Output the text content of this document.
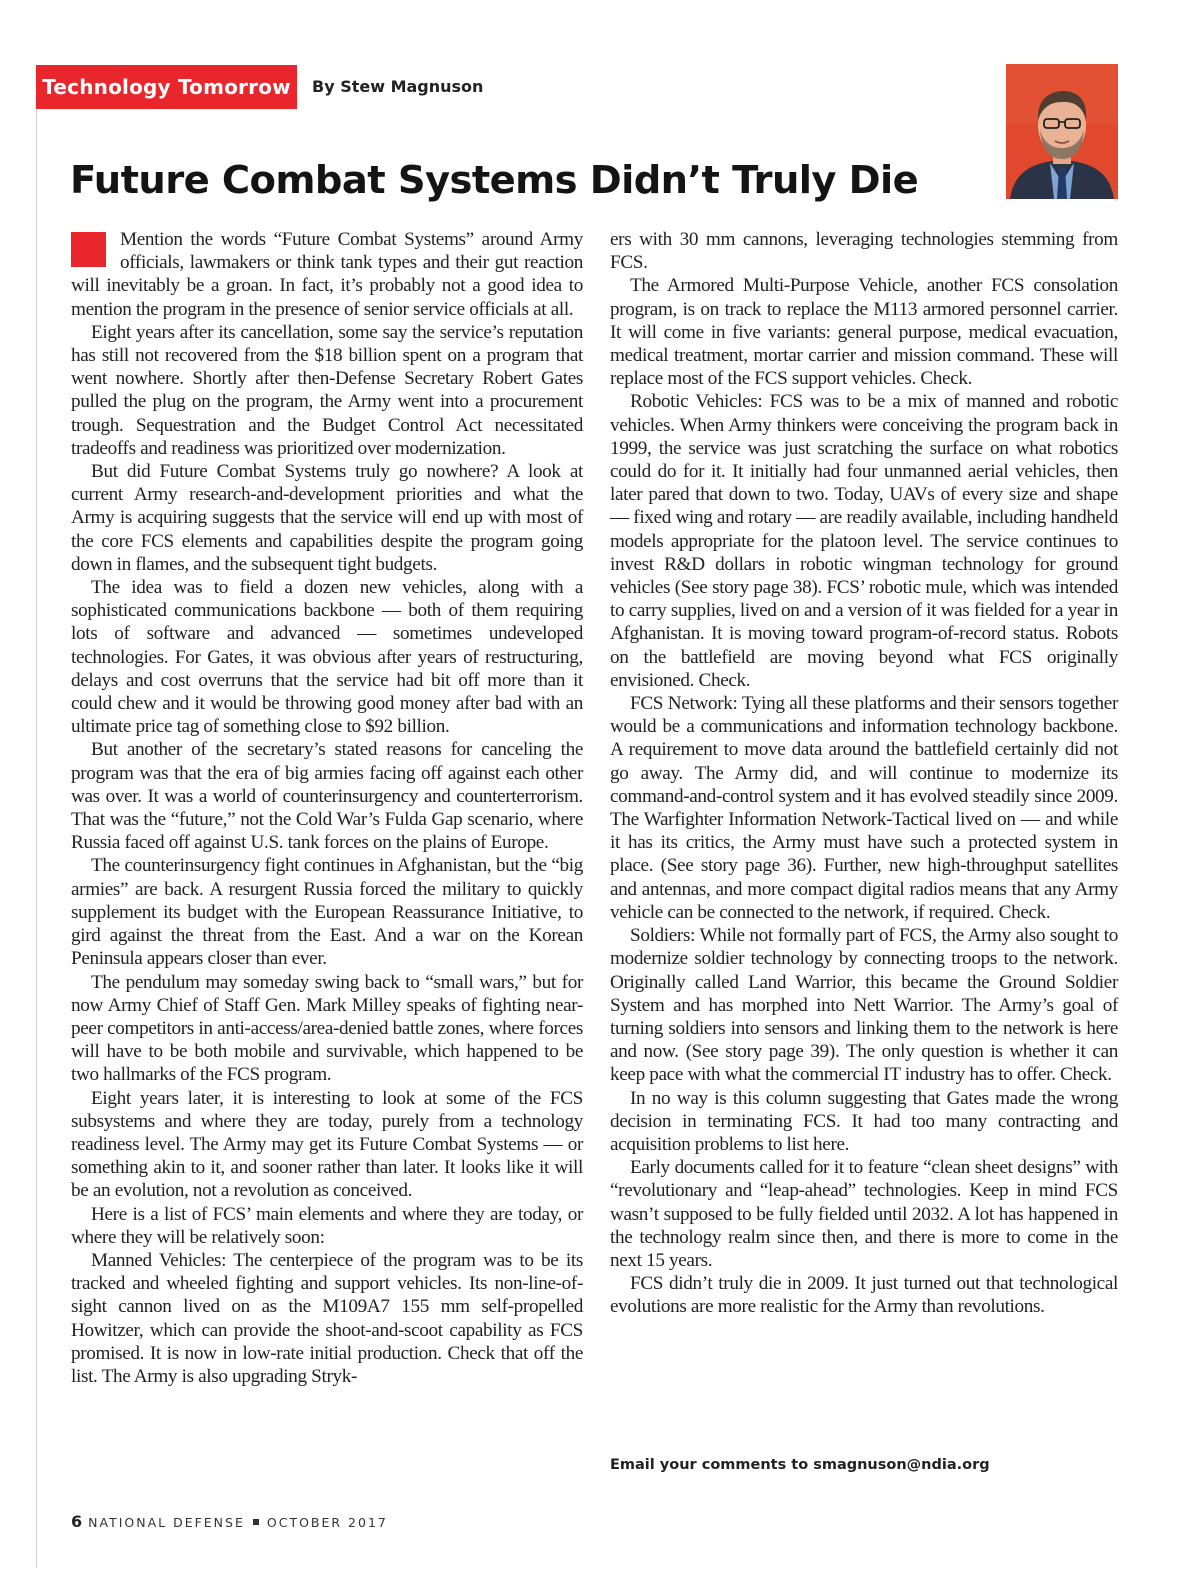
Technology Tomorrow	By Stew Magnuson
Future Combat Systems Didn’t Truly Die

Mention the words “Future Combat Systems” around Army officials, lawmakers or think tank types and their gut reaction will inevitably be a groan. In fact, it’s probably not a good idea to mention the program in the presence of senior service officials at all.

Eight years after its cancellation, some say the service’s reputation has still not recovered from the $18 billion spent on a program that went nowhere. Shortly after then-Defense Secretary Robert Gates pulled the plug on the program, the Army went into a procurement trough. Sequestration and the Budget Control Act necessitated tradeoffs and readiness was prioritized over modernization.

But did Future Combat Systems truly go nowhere? A look at current Army research-and-development priorities and what the Army is acquiring suggests that the service will end up with most of the core FCS elements and capabilities despite the program going down in flames, and the subsequent tight budgets.

The idea was to field a dozen new vehicles, along with a sophisticated communications backbone — both of them requiring lots of software and advanced — sometimes undeveloped technologies. For Gates, it was obvious after years of restructuring, delays and cost overruns that the service had bit off more than it could chew and it would be throwing good money after bad with an ultimate price tag of something close to $92 billion.

But another of the secretary’s stated reasons for canceling the program was that the era of big armies facing off against each other was over. It was a world of counterinsurgency and counterterrorism. That was the “future,” not the Cold War’s Fulda Gap scenario, where Russia faced off against U.S. tank forces on the plains of Europe.

The counterinsurgency fight continues in Afghanistan, but the “big armies” are back. A resurgent Russia forced the military to quickly supplement its budget with the European Reassurance Initiative, to gird against the threat from the East. And a war on the Korean Peninsula appears closer than ever.

The pendulum may someday swing back to “small wars,” but for now Army Chief of Staff Gen. Mark Milley speaks of fighting near-peer competitors in anti-access/area-denied battle zones, where forces will have to be both mobile and survivable, which happened to be two hallmarks of the FCS program.

Eight years later, it is interesting to look at some of the FCS subsystems and where they are today, purely from a technology readiness level. The Army may get its Future Combat Systems — or something akin to it, and sooner rather than later. It looks like it will be an evolution, not a revolution as conceived.

Here is a list of FCS’ main elements and where they are today, or where they will be relatively soon:

Manned Vehicles: The centerpiece of the program was to be its tracked and wheeled fighting and support vehicles. Its non-line-of-sight cannon lived on as the M109A7 155 mm self-propelled Howitzer, which can provide the shoot-and-scoot capability as FCS promised. It is now in low-rate initial production. Check that off the list. The Army is also upgrading Stryk-

ers with 30 mm cannons, leveraging technologies stemming from FCS.

The Armored Multi-Purpose Vehicle, another FCS consolation program, is on track to replace the M113 armored personnel carrier. It will come in five variants: general purpose, medical evacuation, medical treatment, mortar carrier and mission command. These will replace most of the FCS support vehicles. Check.

Robotic Vehicles: FCS was to be a mix of manned and robotic vehicles. When Army thinkers were conceiving the program back in 1999, the service was just scratching the surface on what robotics could do for it. It initially had four unmanned aerial vehicles, then later pared that down to two. Today, UAVs of every size and shape — fixed wing and rotary — are readily available, including handheld models appropriate for the platoon level. The service continues to invest R&D dollars in robotic wingman technology for ground vehicles (See story page 38). FCS’ robotic mule, which was intended to carry supplies, lived on and a version of it was fielded for a year in Afghanistan. It is moving toward program-of-record status. Robots on the battlefield are moving beyond what FCS originally envisioned. Check.

FCS Network: Tying all these platforms and their sensors together would be a communications and information technology backbone. A requirement to move data around the battlefield certainly did not go away. The Army did, and will continue to modernize its command-and-control system and it has evolved steadily since 2009. The Warfighter Information Network-Tactical lived on — and while it has its critics, the Army must have such a protected system in place. (See story page 36). Further, new high-throughput satellites and antennas, and more compact digital radios means that any Army vehicle can be connected to the network, if required. Check.

Soldiers: While not formally part of FCS, the Army also sought to modernize soldier technology by connecting troops to the network. Originally called Land Warrior, this became the Ground Soldier System and has morphed into Nett Warrior. The Army’s goal of turning soldiers into sensors and linking them to the network is here and now. (See story page 39). The only question is whether it can keep pace with what the commercial IT industry has to offer. Check.

In no way is this column suggesting that Gates made the wrong decision in terminating FCS. It had too many contracting and acquisition problems to list here.

Early documents called for it to feature “clean sheet designs” with “revolutionary and “leap-ahead” technologies. Keep in mind FCS wasn’t supposed to be fully fielded until 2032. A lot has happened in the technology realm since then, and there is more to come in the next 15 years.

FCS didn’t truly die in 2009. It just turned out that technological evolutions are more realistic for the Army than revolutions.

Email your comments to smagnuson@ndia.org
6 NATIONAL DEFENSE OCTOBER 2017
